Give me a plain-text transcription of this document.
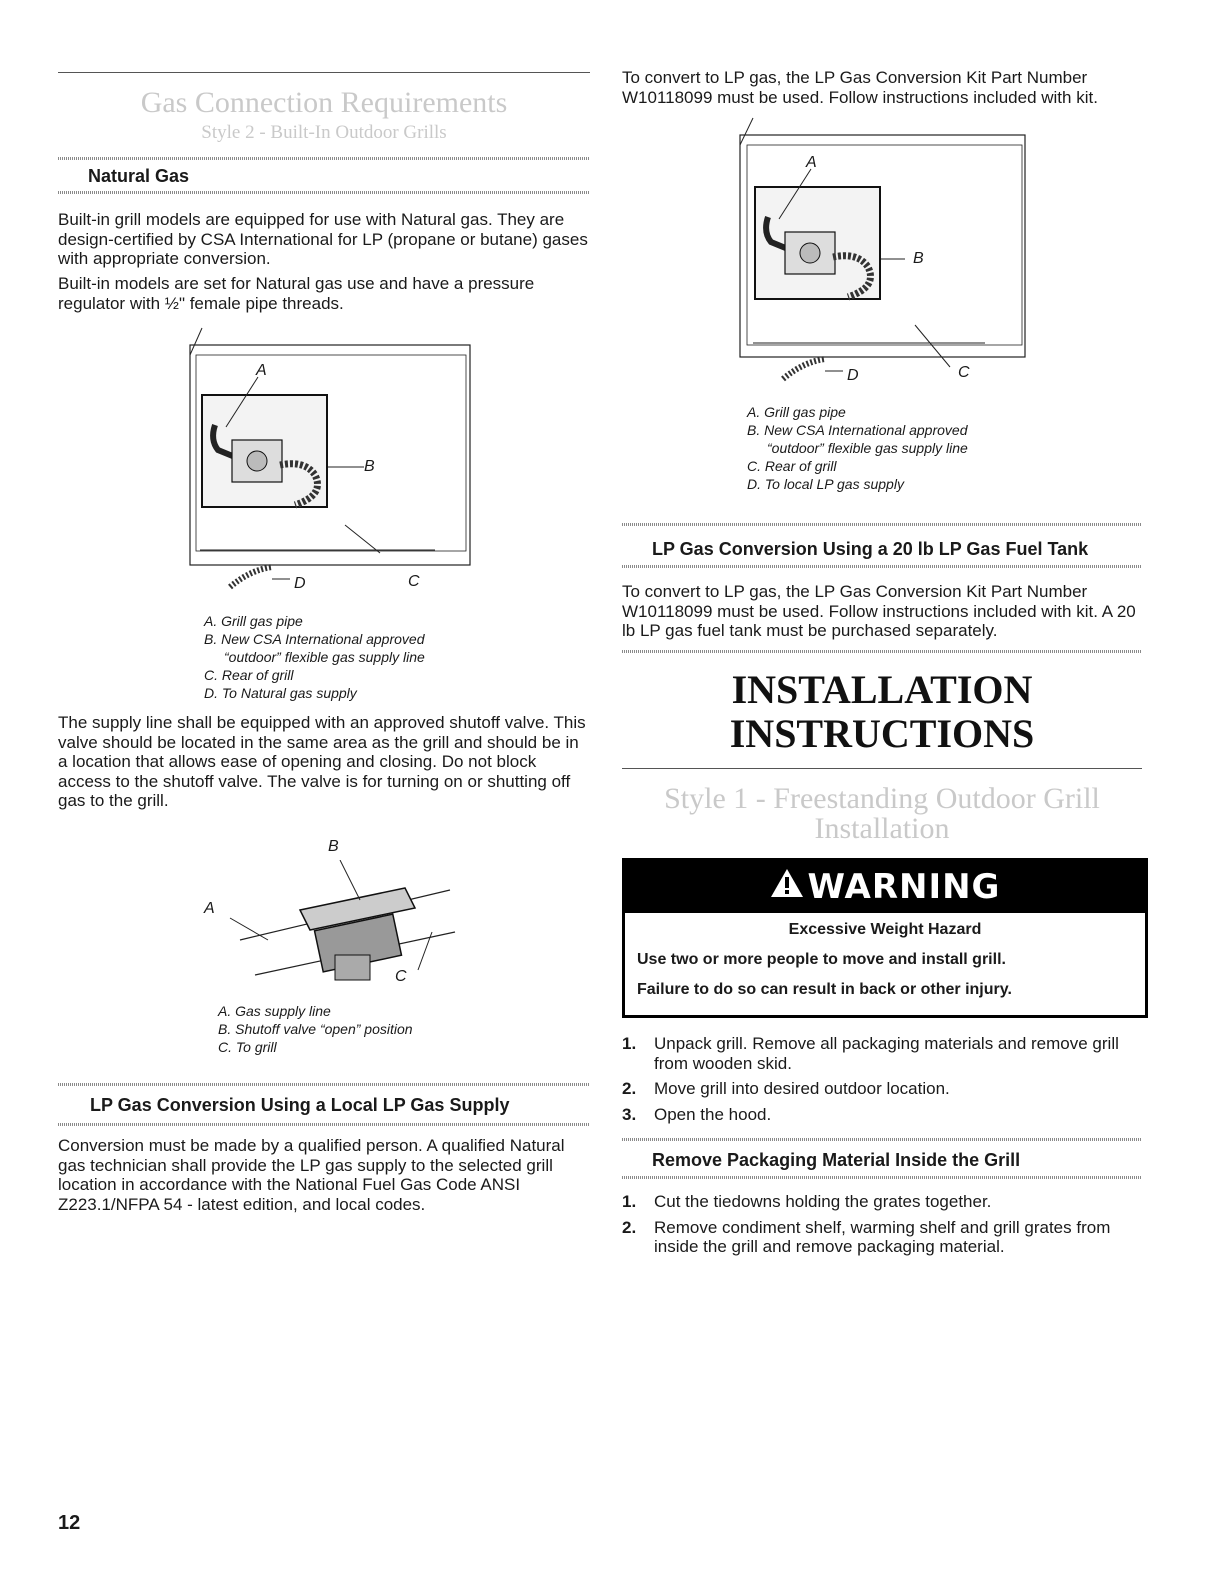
Gas Connection Requirements
Style 2 - Built-In Outdoor Grills
Natural Gas

Built-in grill models are equipped for use with Natural gas. They are design-certified by CSA International for LP (propane or butane) gases with appropriate conversion.

Built-in models are set for Natural gas use and have a pressure regulator with ½" female pipe threads.

A
B
C
D
A. Grill gas pipe
B. New CSA International approved
“outdoor” flexible gas supply line
C. Rear of grill
D. To Natural gas supply

The supply line shall be equipped with an approved shutoff valve. This valve should be located in the same area as the grill and should be in a location that allows ease of opening and closing. Do not block access to the shutoff valve. The valve is for turning on or shutting off gas to the grill.

B
A
C
A. Gas supply line
B. Shutoff valve “open” position
C. To grill
LP Gas Conversion Using a Local LP Gas Supply

Conversion must be made by a qualified person. A qualified Natural gas technician shall provide the LP gas supply to the selected grill location in accordance with the National Fuel Gas Code ANSI Z223.1/NFPA 54 - latest edition, and local codes.

To convert to LP gas, the LP Gas Conversion Kit Part Number W10118099 must be used. Follow instructions included with kit.

A
B
C
D
A. Grill gas pipe
B. New CSA International approved
“outdoor” flexible gas supply line
C. Rear of grill
D. To local LP gas supply
LP Gas Conversion Using a 20 lb LP Gas Fuel Tank

To convert to LP gas, the LP Gas Conversion Kit Part Number W10118099 must be used. Follow instructions included with kit. A 20 lb LP gas fuel tank must be purchased separately.

INSTALLATION
INSTRUCTIONS
Style 1 - Freestanding Outdoor Grill
Installation
WARNING
Excessive Weight Hazard
Use two or more people to move and install grill.
Failure to do so can result in back or other injury.
1. Unpack grill. Remove all packaging materials and remove grill from wooden skid.
2. Move grill into desired outdoor location.
3. Open the hood.
Remove Packaging Material Inside the Grill
1. Cut the tiedowns holding the grates together.
2. Remove condiment shelf, warming shelf and grill grates from inside the grill and remove packaging material.
12
